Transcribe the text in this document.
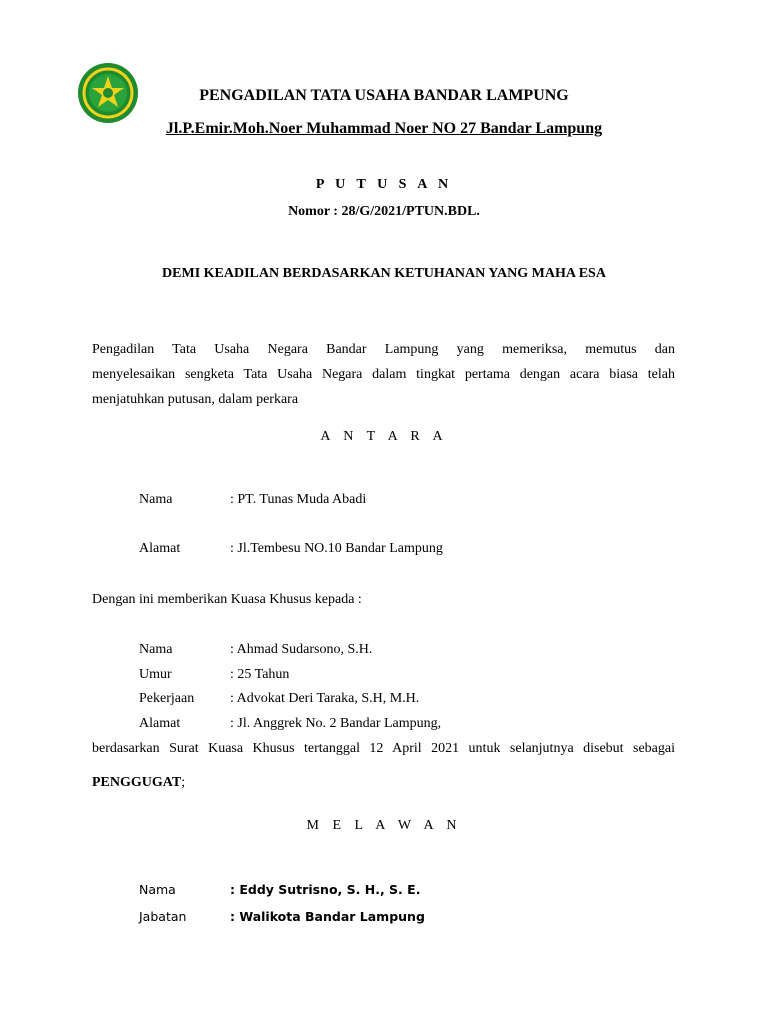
PENGADILAN TATA USAHA BANDAR LAMPUNG
Jl.P.Emir.Moh.Noer Muhammad Noer NO 27 Bandar Lampung
P U T U S A N
Nomor : 28/G/2021/PTUN.BDL.
DEMI KEADILAN BERDASARKAN KETUHANAN YANG MAHA ESA
Pengadilan Tata Usaha Negara Bandar Lampung yang memeriksa, memutus dan
menyelesaikan sengketa Tata Usaha Negara dalam tingkat pertama dengan acara biasa telah
menjatuhkan putusan, dalam perkara
A N T A R A
Nama	: PT. Tunas Muda Abadi
Alamat	: Jl.Tembesu NO.10 Bandar Lampung
Dengan ini memberikan Kuasa Khusus kepada :
Nama	: Ahmad Sudarsono, S.H.
Umur	: 25 Tahun
Pekerjaan	: Advokat Deri Taraka, S.H, M.H.
Alamat	: Jl. Anggrek No. 2 Bandar Lampung,
berdasarkan Surat Kuasa Khusus tertanggal 12 April 2021 untuk selanjutnya disebut sebagai
PENGGUGAT;
M E L A W A N
Nama	: Eddy Sutrisno, S. H., S. E.
Jabatan	: Walikota Bandar Lampung
